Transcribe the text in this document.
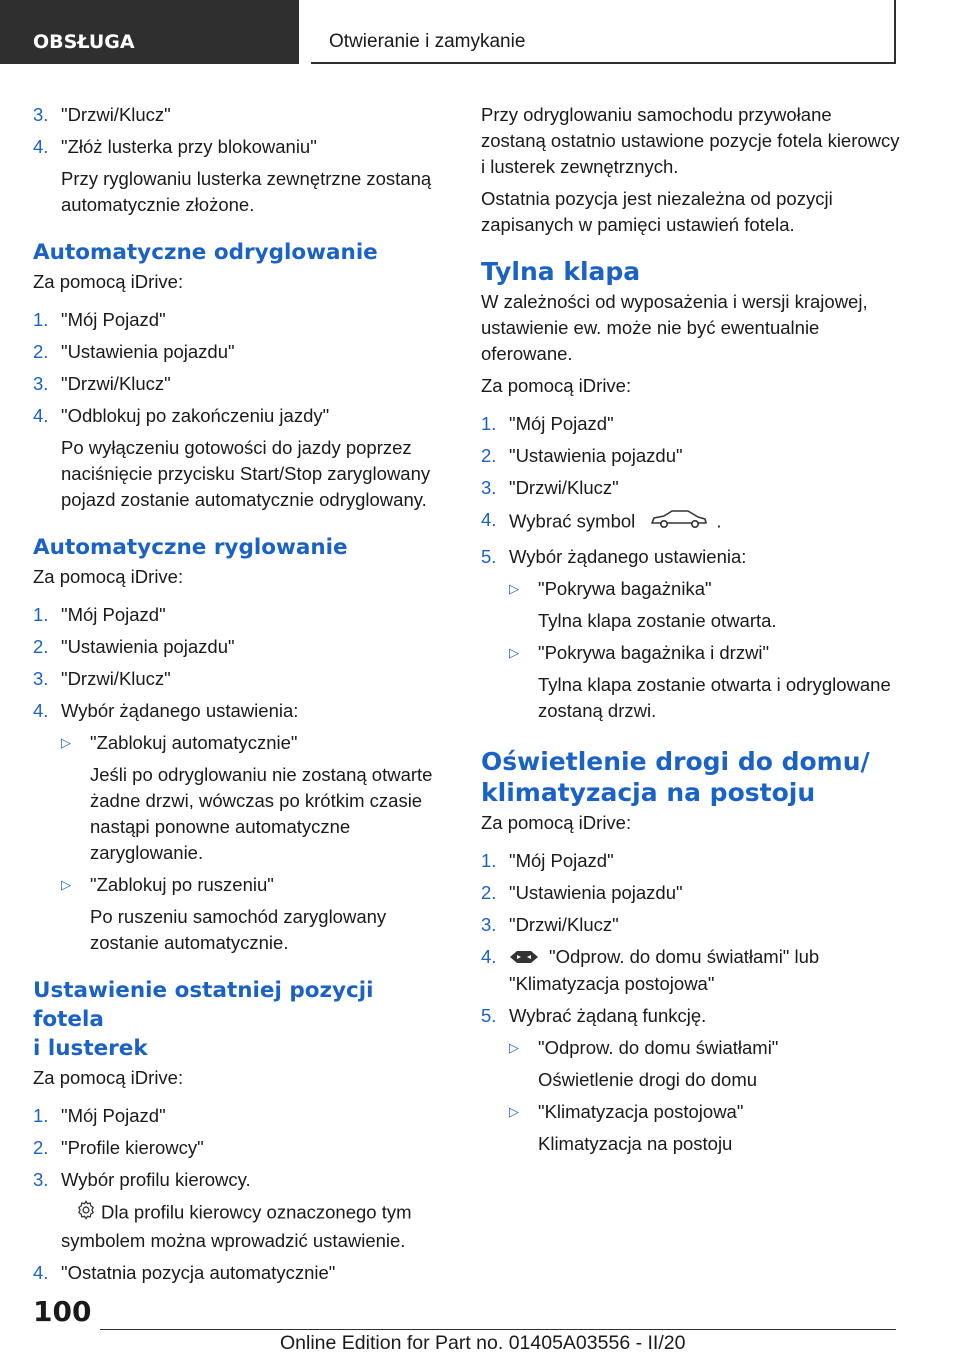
OBSŁUGA	Otwieranie i zamykanie
3. "Drzwi/Klucz"
4. "Złóż lusterka przy blokowaniu"
Przy ryglowaniu lusterka zewnętrzne zostaną automatycznie złożone.
Automatyczne odryglowanie
Za pomocą iDrive:
1. "Mój Pojazd"
2. "Ustawienia pojazdu"
3. "Drzwi/Klucz"
4. "Odblokuj po zakończeniu jazdy"
Po wyłączeniu gotowości do jazdy poprzez naciśnięcie przycisku Start/Stop zaryglowany pojazd zostanie automatycznie odryglowany.
Automatyczne ryglowanie
Za pomocą iDrive:
1. "Mój Pojazd"
2. "Ustawienia pojazdu"
3. "Drzwi/Klucz"
4. Wybór żądanego ustawienia:
▷	"Zablokuj automatycznie"
Jeśli po odryglowaniu nie zostaną otwarte żadne drzwi, wówczas po krótkim czasie nastąpi ponowne automatyczne zaryglowanie.
▷	"Zablokuj po ruszeniu"
Po ruszeniu samochód zaryglowany zostanie automatycznie.
Ustawienie ostatniej pozycji fotela
i lusterek
Za pomocą iDrive:
1. "Mój Pojazd"
2. "Profile kierowcy"
3. Wybór profilu kierowcy.
Dla profilu kierowcy oznaczonego tym symbolem można wprowadzić ustawienie.
4. "Ostatnia pozycja automatycznie"
Przy odryglowaniu samochodu przywołane zostaną ostatnio ustawione pozycje fotela kierowcy i lusterek zewnętrznych.
Ostatnia pozycja jest niezależna od pozycji zapisanych w pamięci ustawień fotela.
Tylna klapa
W zależności od wyposażenia i wersji krajowej, ustawienie ew. może nie być ewentualnie oferowane.
Za pomocą iDrive:
1. "Mój Pojazd"
2. "Ustawienia pojazdu"
3. "Drzwi/Klucz"
4. Wybrać symbol	.
5. Wybór żądanego ustawienia:
▷	"Pokrywa bagażnika"
Tylna klapa zostanie otwarta.
▷	"Pokrywa bagażnika i drzwi"
Tylna klapa zostanie otwarta i odryglowane zostaną drzwi.
Oświetlenie drogi do domu/
klimatyzacja na postoju
Za pomocą iDrive:
1. "Mój Pojazd"
2. "Ustawienia pojazdu"
3. "Drzwi/Klucz"
4.	"Odprow. do domu światłami" lub "Klimatyzacja postojowa"
5. Wybrać żądaną funkcję.
▷	"Odprow. do domu światłami"
Oświetlenie drogi do domu
▷	"Klimatyzacja postojowa"
Klimatyzacja na postoju
100
Online Edition for Part no. 01405A03556 - II/20
